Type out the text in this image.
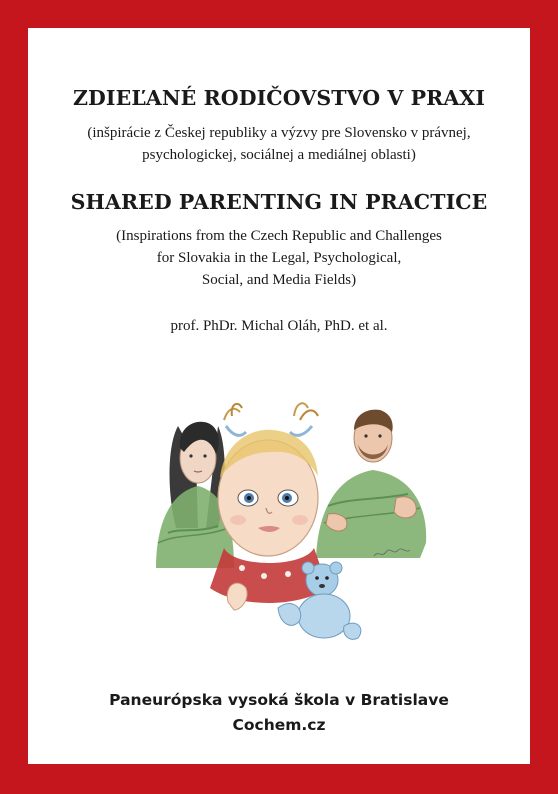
ZDIEĽANÉ RODIČOVSTVO V PRAXI
(inšpirácie z Českej republiky a výzvy pre Slovensko v právnej,
psychologickej, sociálnej a mediálnej oblasti)
SHARED PARENTING IN PRACTICE
(Inspirations from the Czech Republic and Challenges
for Slovakia in the Legal, Psychological,
Social, and Media Fields)
prof. PhDr. Michal Oláh, PhD. et al.
Paneurópska vysoká škola v Bratislave
Cochem.cz
